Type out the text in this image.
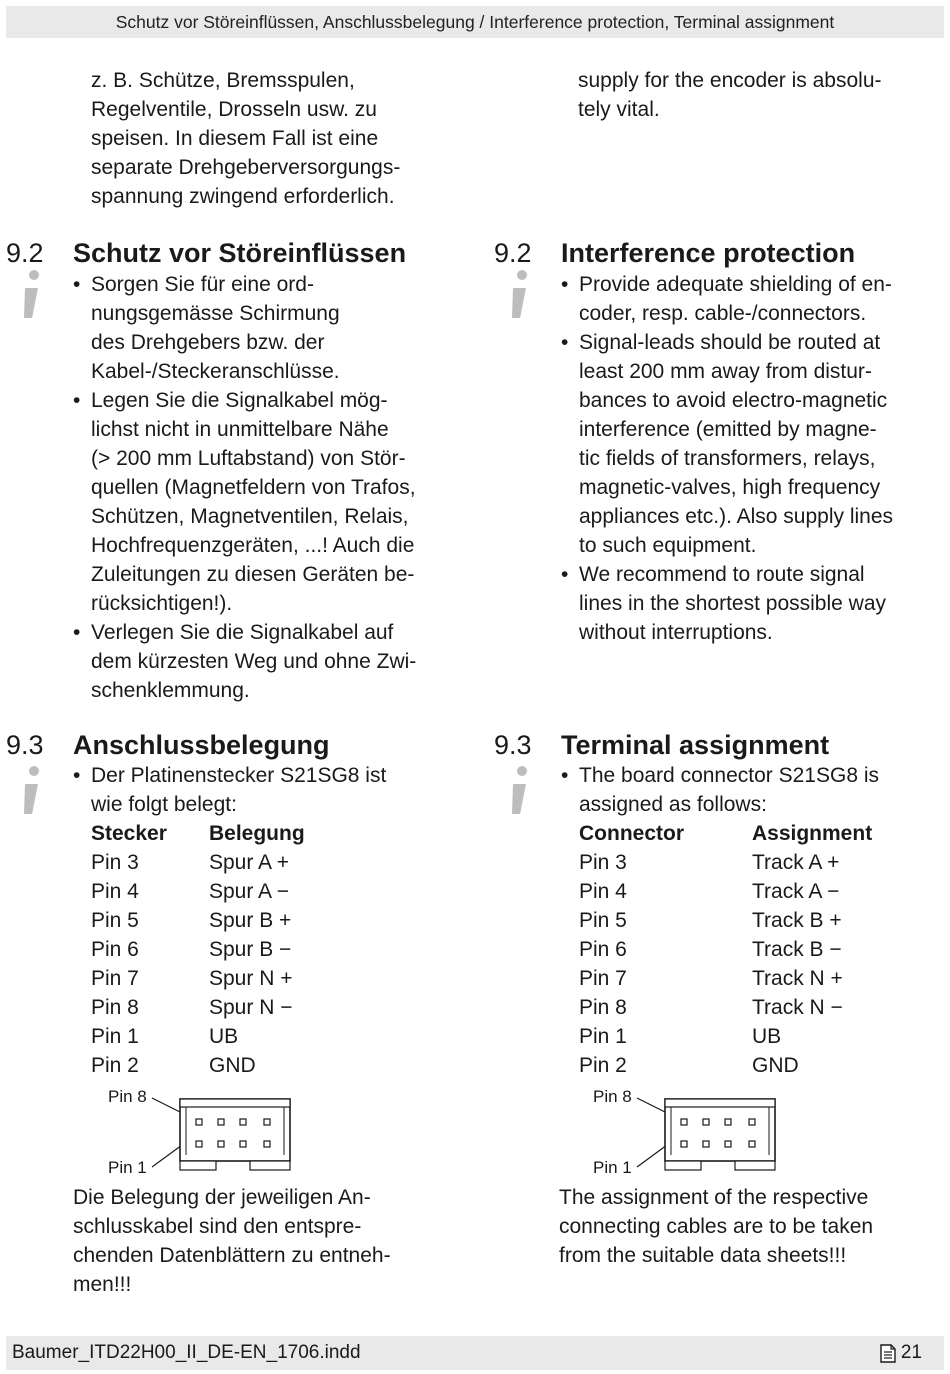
Schutz vor Störeinflüssen, Anschlussbelegung / Interference protection, Terminal assignment
z. B. Schütze, Bremsspulen,
Regelventile, Drosseln usw. zu
speisen. In diesem Fall ist eine
separate Drehgeberversorgungs-
spannung zwingend erforderlich.
9.2 Schutz vor Störeinflüssen
• Sorgen Sie für eine ord-
nungsgemässe Schirmung
des Drehgebers bzw. der
Kabel-/Steckeranschlüsse.
• Legen Sie die Signalkabel mög-
lichst nicht in unmittelbare Nähe
(> 200 mm Luftabstand) von Stör-
quellen (Magnetfeldern von Trafos,
Schützen, Magnetventilen, Relais,
Hochfrequenzgeräten, ...! Auch die
Zuleitungen zu diesen Geräten be-
rücksichtigen!).
• Verlegen Sie die Signalkabel auf
dem kürzesten Weg und ohne Zwi-
schenklemmung.
9.3 Anschlussbelegung
• Der Platinenstecker S21SG8 ist
wie folgt belegt:
Stecker	Belegung
Pin 3	Spur A +
Pin 4	Spur A −
Pin 5	Spur B +
Pin 6	Spur B −
Pin 7	Spur N +
Pin 8	Spur N −
Pin 1	UB
Pin 2	GND
Pin 8
Pin 1
Die Belegung der jeweiligen An-
schlusskabel sind den entspre-
chenden Datenblättern zu entneh-
men!!!
supply for the encoder is absolu-
tely vital.
9.2 Interference protection
• Provide adequate shielding of en-
coder, resp. cable-/connectors.
• Signal-leads should be routed at
least 200 mm away from distur-
bances to avoid electro-magnetic
interference (emitted by magne-
tic fields of transformers, relays,
magnetic-valves, high frequency
appliances etc.). Also supply lines
to such equipment.
• We recommend to route signal
lines in the shortest possible way
without interruptions.
9.3 Terminal assignment
• The board connector S21SG8 is
assigned as follows:
Connector	Assignment
Pin 3	Track A +
Pin 4	Track A −
Pin 5	Track B +
Pin 6	Track B −
Pin 7	Track N +
Pin 8	Track N −
Pin 1	UB
Pin 2	GND
Pin 8
Pin 1
The assignment of the respective
connecting cables are to be taken
from the suitable data sheets!!!
Baumer_ITD22H00_II_DE-EN_1706.indd	21
